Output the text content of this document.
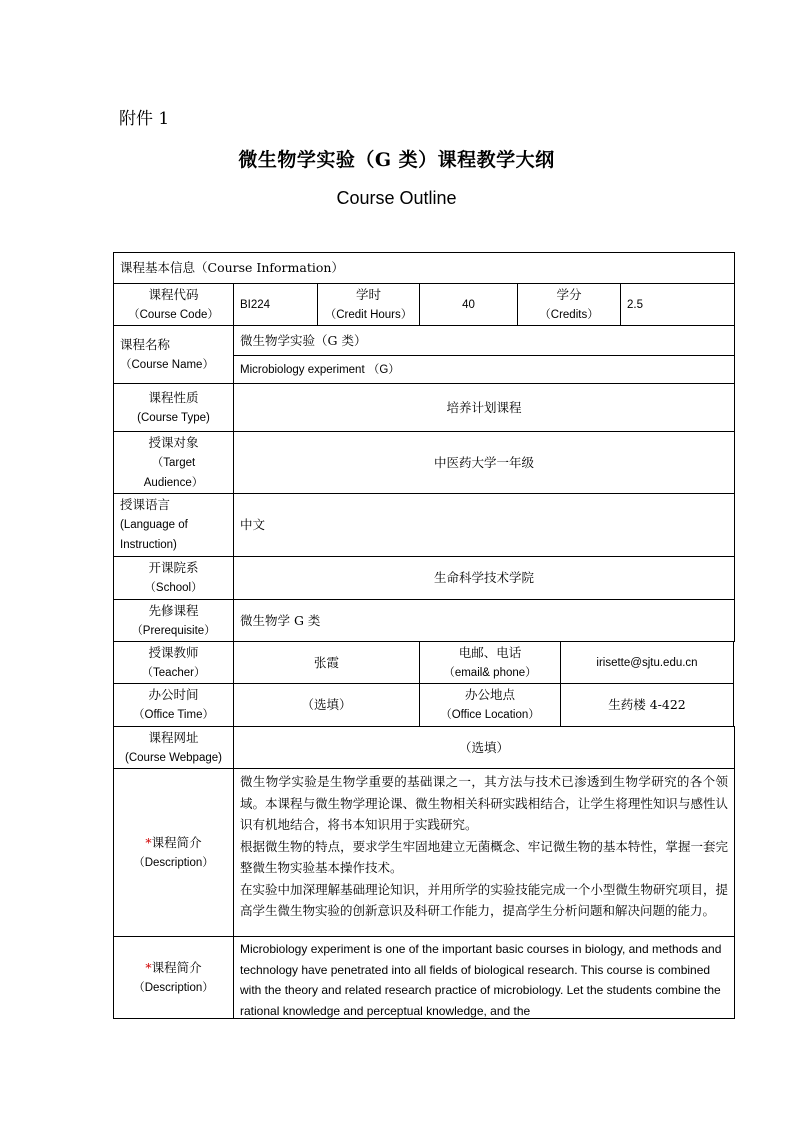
附件 1
微生物学实验（G 类）课程教学大纲
Course Outline
课程基本信息（Course Information）
课程代码
（Course Code）
BI224
学时
（Credit Hours）
40
学分
（Credits）
2.5
课程名称
（Course Name）
微生物学实验（G 类）
Microbiology experiment （G）
课程性质
(Course Type)
培养计划课程
授课对象
（Target
Audience）
中医药大学一年级
授课语言
(Language of
Instruction)
中文
开课院系
（School）
生命科学技术学院
先修课程
（Prerequisite）
微生物学 G 类
授课教师
（Teacher）
张霞
电邮、电话
（email& phone）
irisette@sjtu.edu.cn
办公时间
（Office Time）
（选填）
办公地点
（Office Location）
生药楼 4-422
课程网址
(Course Webpage)
（选填）
*课程简介
（Description）

微生物学实验是生物学重要的基础课之一，其方法与技术已渗透到生物学研究的各个领域。本课程与微生物学理论课、微生物相关科研实践相结合，让学生将理性知识与感性认识有机地结合，将书本知识用于实践研究。

根据微生物的特点，要求学生牢固地建立无菌概念、牢记微生物的基本特性，掌握一套完整微生物实验基本操作技术。

在实验中加深理解基础理论知识，并用所学的实验技能完成一个小型微生物研究项目，提高学生微生物实验的创新意识及科研工作能力，提高学生分析问题和解决问题的能力。

*课程简介
（Description）
Microbiology experiment is one of the important basic courses in biology, and methods and technology have penetrated into all fields of biological research. This course is combined with the theory and related research practice of microbiology. Let the students combine the rational knowledge and perceptual knowledge, and the
